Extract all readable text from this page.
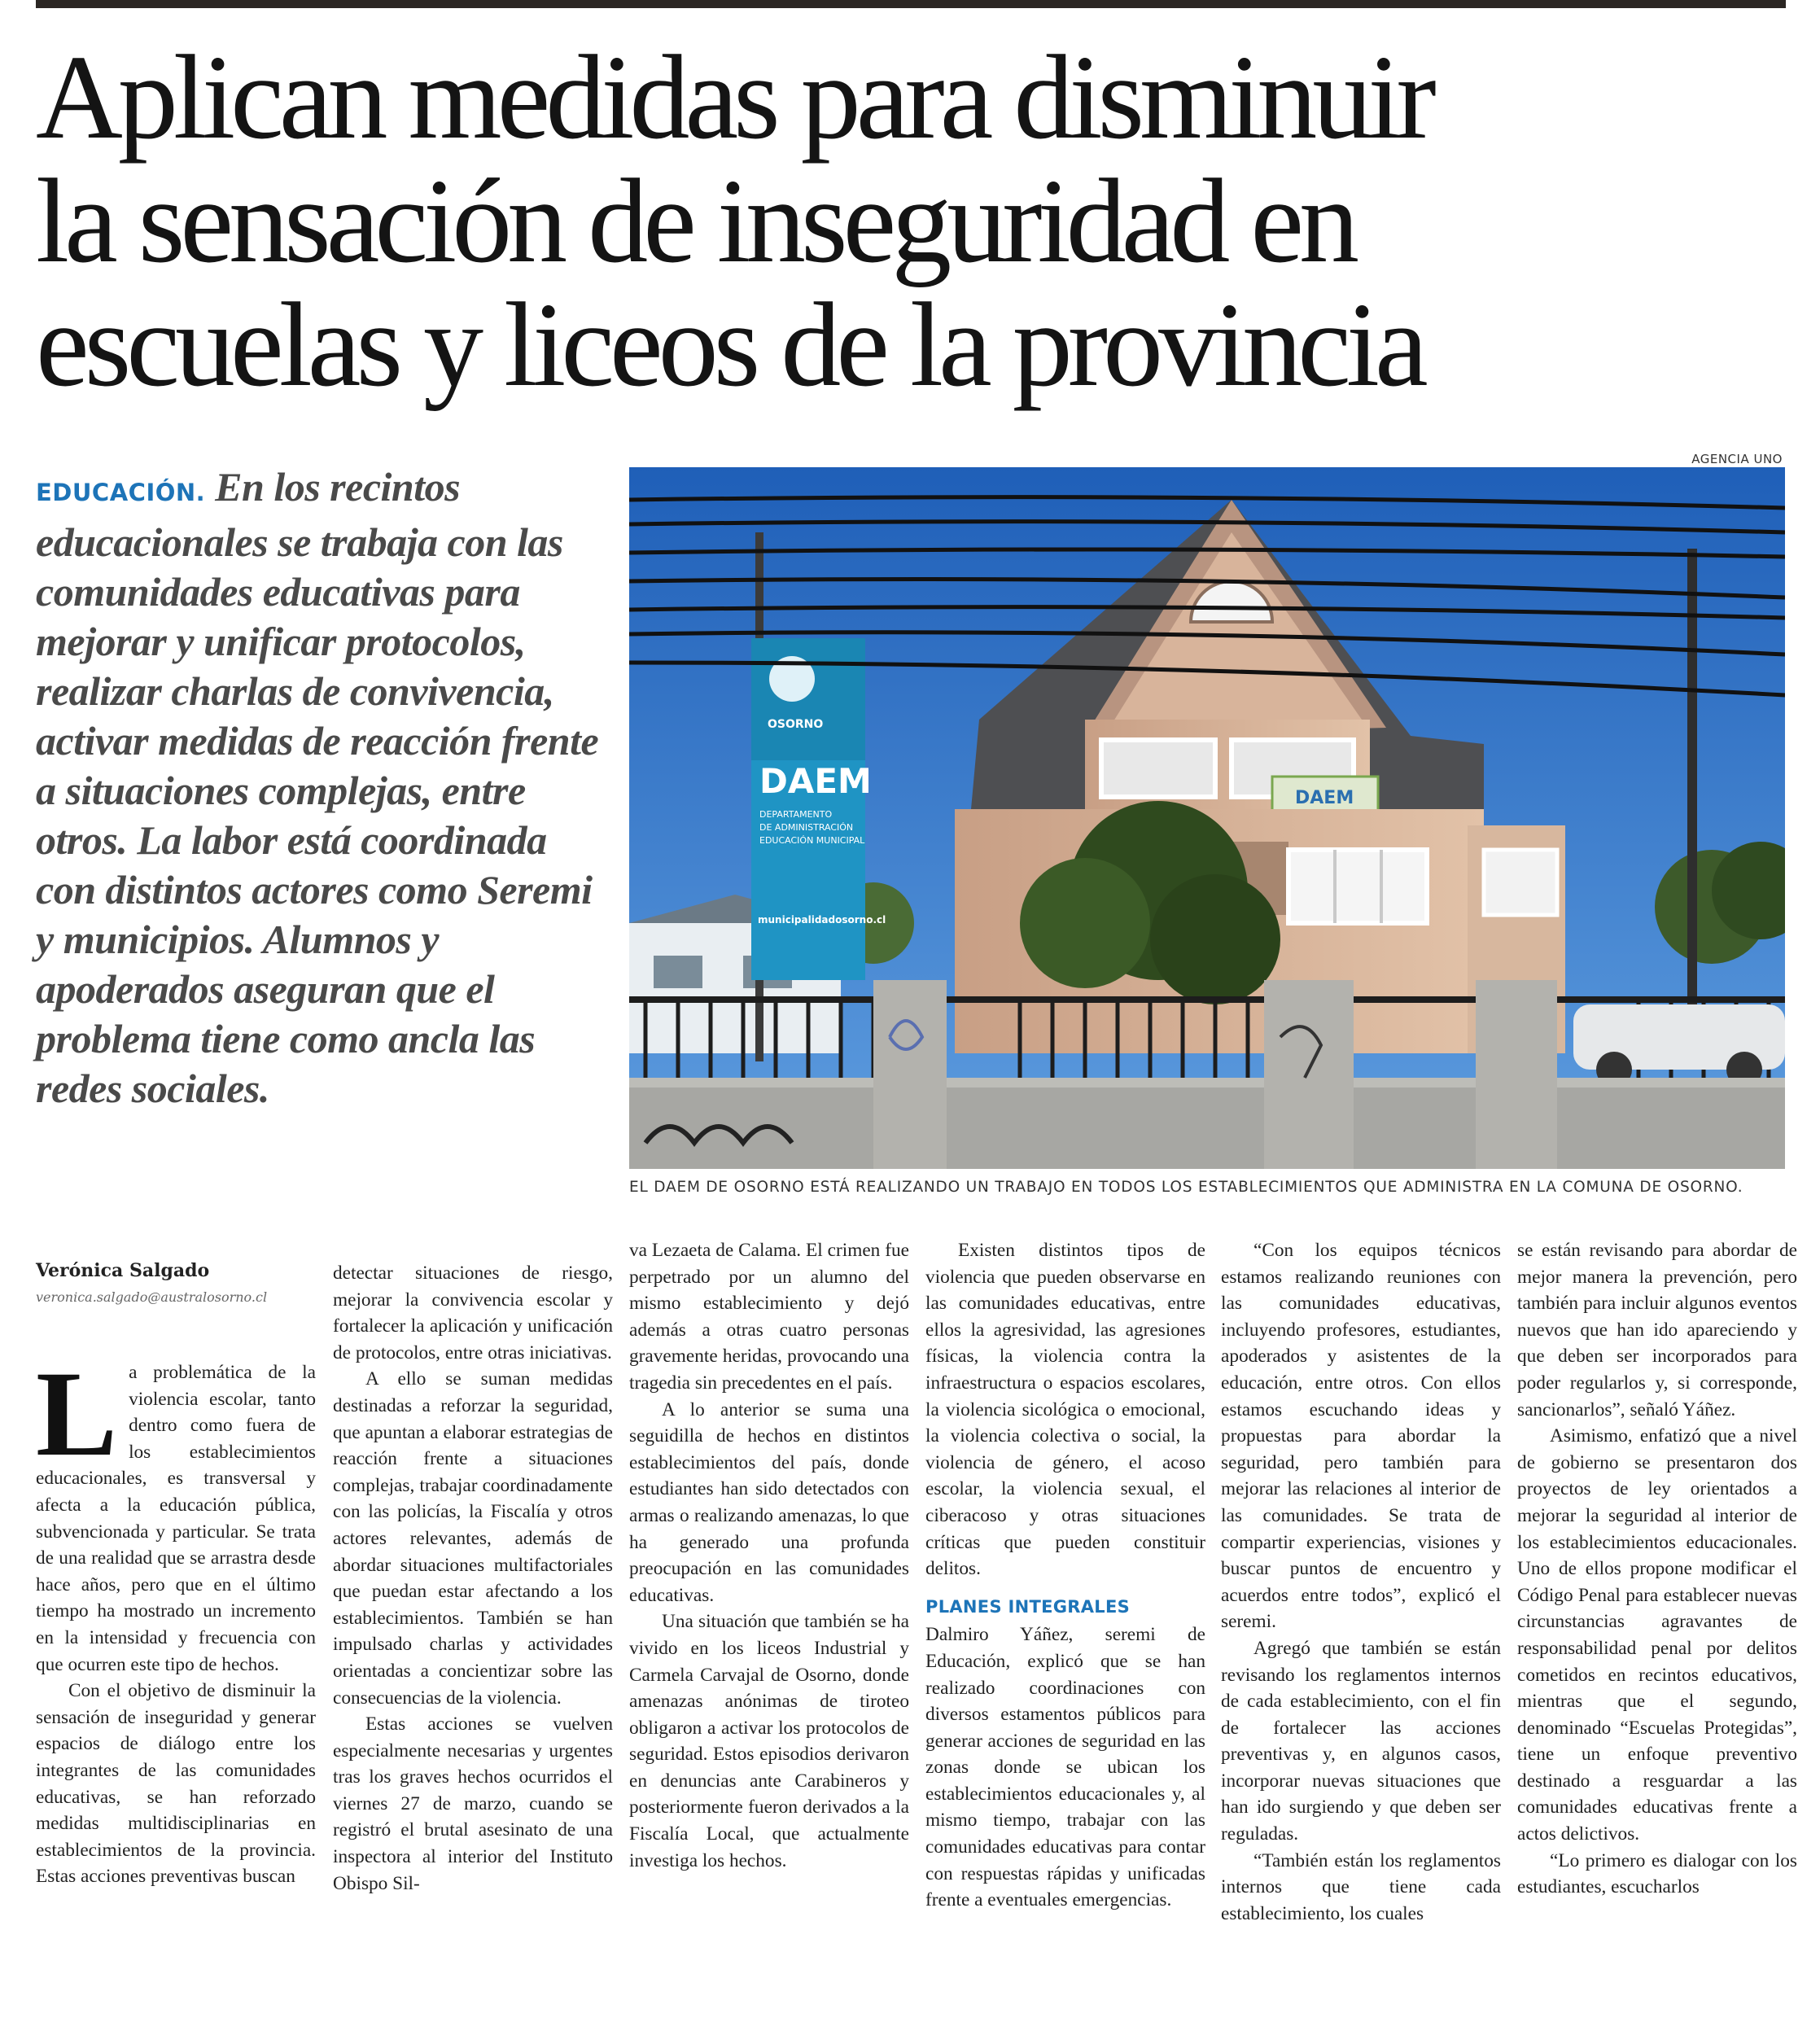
Aplican medidas para disminuir
la sensación de inseguridad en
escuelas y liceos de la provincia
EDUCACIÓN. En los recintos educacionales se trabaja con las comunidades educativas para mejorar y unificar protocolos, realizar charlas de convivencia, activar medidas de reacción frente a situaciones complejas, entre otros. La labor está coordinada con distintos actores como Seremi y municipios. Alumnos y apoderados aseguran que el problema tiene como ancla las redes sociales.
AGENCIA UNO
DAEM
OSORNO
DAEM
DEPARTAMENTO
DE ADMINISTRACIÓN
EDUCACIÓN MUNICIPAL
municipalidadosorno.cl
EL DAEM DE OSORNO ESTÁ REALIZANDO UN TRABAJO EN TODOS LOS ESTABLECIMIENTOS QUE ADMINISTRA EN LA COMUNA DE OSORNO.
Verónica Salgado
veronica.salgado@australosorno.cl

La problemática de la violencia escolar, tanto dentro como fuera de los establecimientos educacionales, es transversal y afecta a la educación pública, subvencionada y particular. Se trata de una realidad que se arrastra desde hace años, pero que en el último tiempo ha mostrado un incremento en la intensidad y frecuencia con que ocurren este tipo de hechos.

Con el objetivo de disminuir la sensación de inseguridad y generar espacios de diálogo entre los integrantes de las comunidades educativas, se han reforzado medidas multidisciplinarias en establecimientos de la provincia. Estas acciones preventivas buscan

detectar situaciones de riesgo, mejorar la convivencia escolar y fortalecer la aplicación y unificación de protocolos, entre otras iniciativas.

A ello se suman medidas destinadas a reforzar la seguridad, que apuntan a elaborar estrategias de reacción frente a situaciones complejas, trabajar coordinadamente con las policías, la Fiscalía y otros actores relevantes, además de abordar situaciones multifactoriales que puedan estar afectando a los establecimientos. También se han impulsado charlas y actividades orientadas a concientizar sobre las consecuencias de la violencia.

Estas acciones se vuelven especialmente necesarias y urgentes tras los graves hechos ocurridos el viernes 27 de marzo, cuando se registró el brutal asesinato de una inspectora al interior del Instituto Obispo Sil-

va Lezaeta de Calama. El crimen fue perpetrado por un alumno del mismo establecimiento y dejó además a otras cuatro personas gravemente heridas, provocando una tragedia sin precedentes en el país.

A lo anterior se suma una seguidilla de hechos en distintos establecimientos del país, donde estudiantes han sido detectados con armas o realizando amenazas, lo que ha generado una profunda preocupación en las comunidades educativas.

Una situación que también se ha vivido en los liceos Industrial y Carmela Carvajal de Osorno, donde amenazas anónimas de tiroteo obligaron a activar los protocolos de seguridad. Estos episodios derivaron en denuncias ante Carabineros y posteriormente fueron derivados a la Fiscalía Local, que actualmente investiga los hechos.

Existen distintos tipos de violencia que pueden observarse en las comunidades educativas, entre ellos la agresividad, las agresiones físicas, la violencia contra la infraestructura o espacios escolares, la violencia sicológica o emocional, la violencia colectiva o social, la violencia de género, el acoso escolar, la violencia sexual, el ciberacoso y otras situaciones críticas que pueden constituir delitos.

PLANES INTEGRALES

Dalmiro Yáñez, seremi de Educación, explicó que se han realizado coordinaciones con diversos estamentos públicos para generar acciones de seguridad en las zonas donde se ubican los establecimientos educacionales y, al mismo tiempo, trabajar con las comunidades educativas para contar con respuestas rápidas y unificadas frente a eventuales emergencias.

“Con los equipos técnicos estamos realizando reuniones con las comunidades educativas, incluyendo profesores, estudiantes, apoderados y asistentes de la educación, entre otros. Con ellos estamos escuchando ideas y propuestas para abordar la seguridad, pero también para mejorar las relaciones al interior de las comunidades. Se trata de compartir experiencias, visiones y buscar puntos de encuentro y acuerdos entre todos”, explicó el seremi.

Agregó que también se están revisando los reglamentos internos de cada establecimiento, con el fin de fortalecer las acciones preventivas y, en algunos casos, incorporar nuevas situaciones que han ido surgiendo y que deben ser reguladas.

“También están los reglamentos internos que tiene cada establecimiento, los cuales

se están revisando para abordar de mejor manera la prevención, pero también para incluir algunos eventos nuevos que han ido apareciendo y que deben ser incorporados para poder regularlos y, si corresponde, sancionarlos”, señaló Yáñez.

Asimismo, enfatizó que a nivel de gobierno se presentaron dos proyectos de ley orientados a mejorar la seguridad al interior de los establecimientos educacionales. Uno de ellos propone modificar el Código Penal para establecer nuevas circunstancias agravantes de responsabilidad penal por delitos cometidos en recintos educativos, mientras que el segundo, denominado “Escuelas Protegidas”, tiene un enfoque preventivo destinado a resguardar a las comunidades educativas frente a actos delictivos.

“Lo primero es dialogar con los estudiantes, escucharlos
